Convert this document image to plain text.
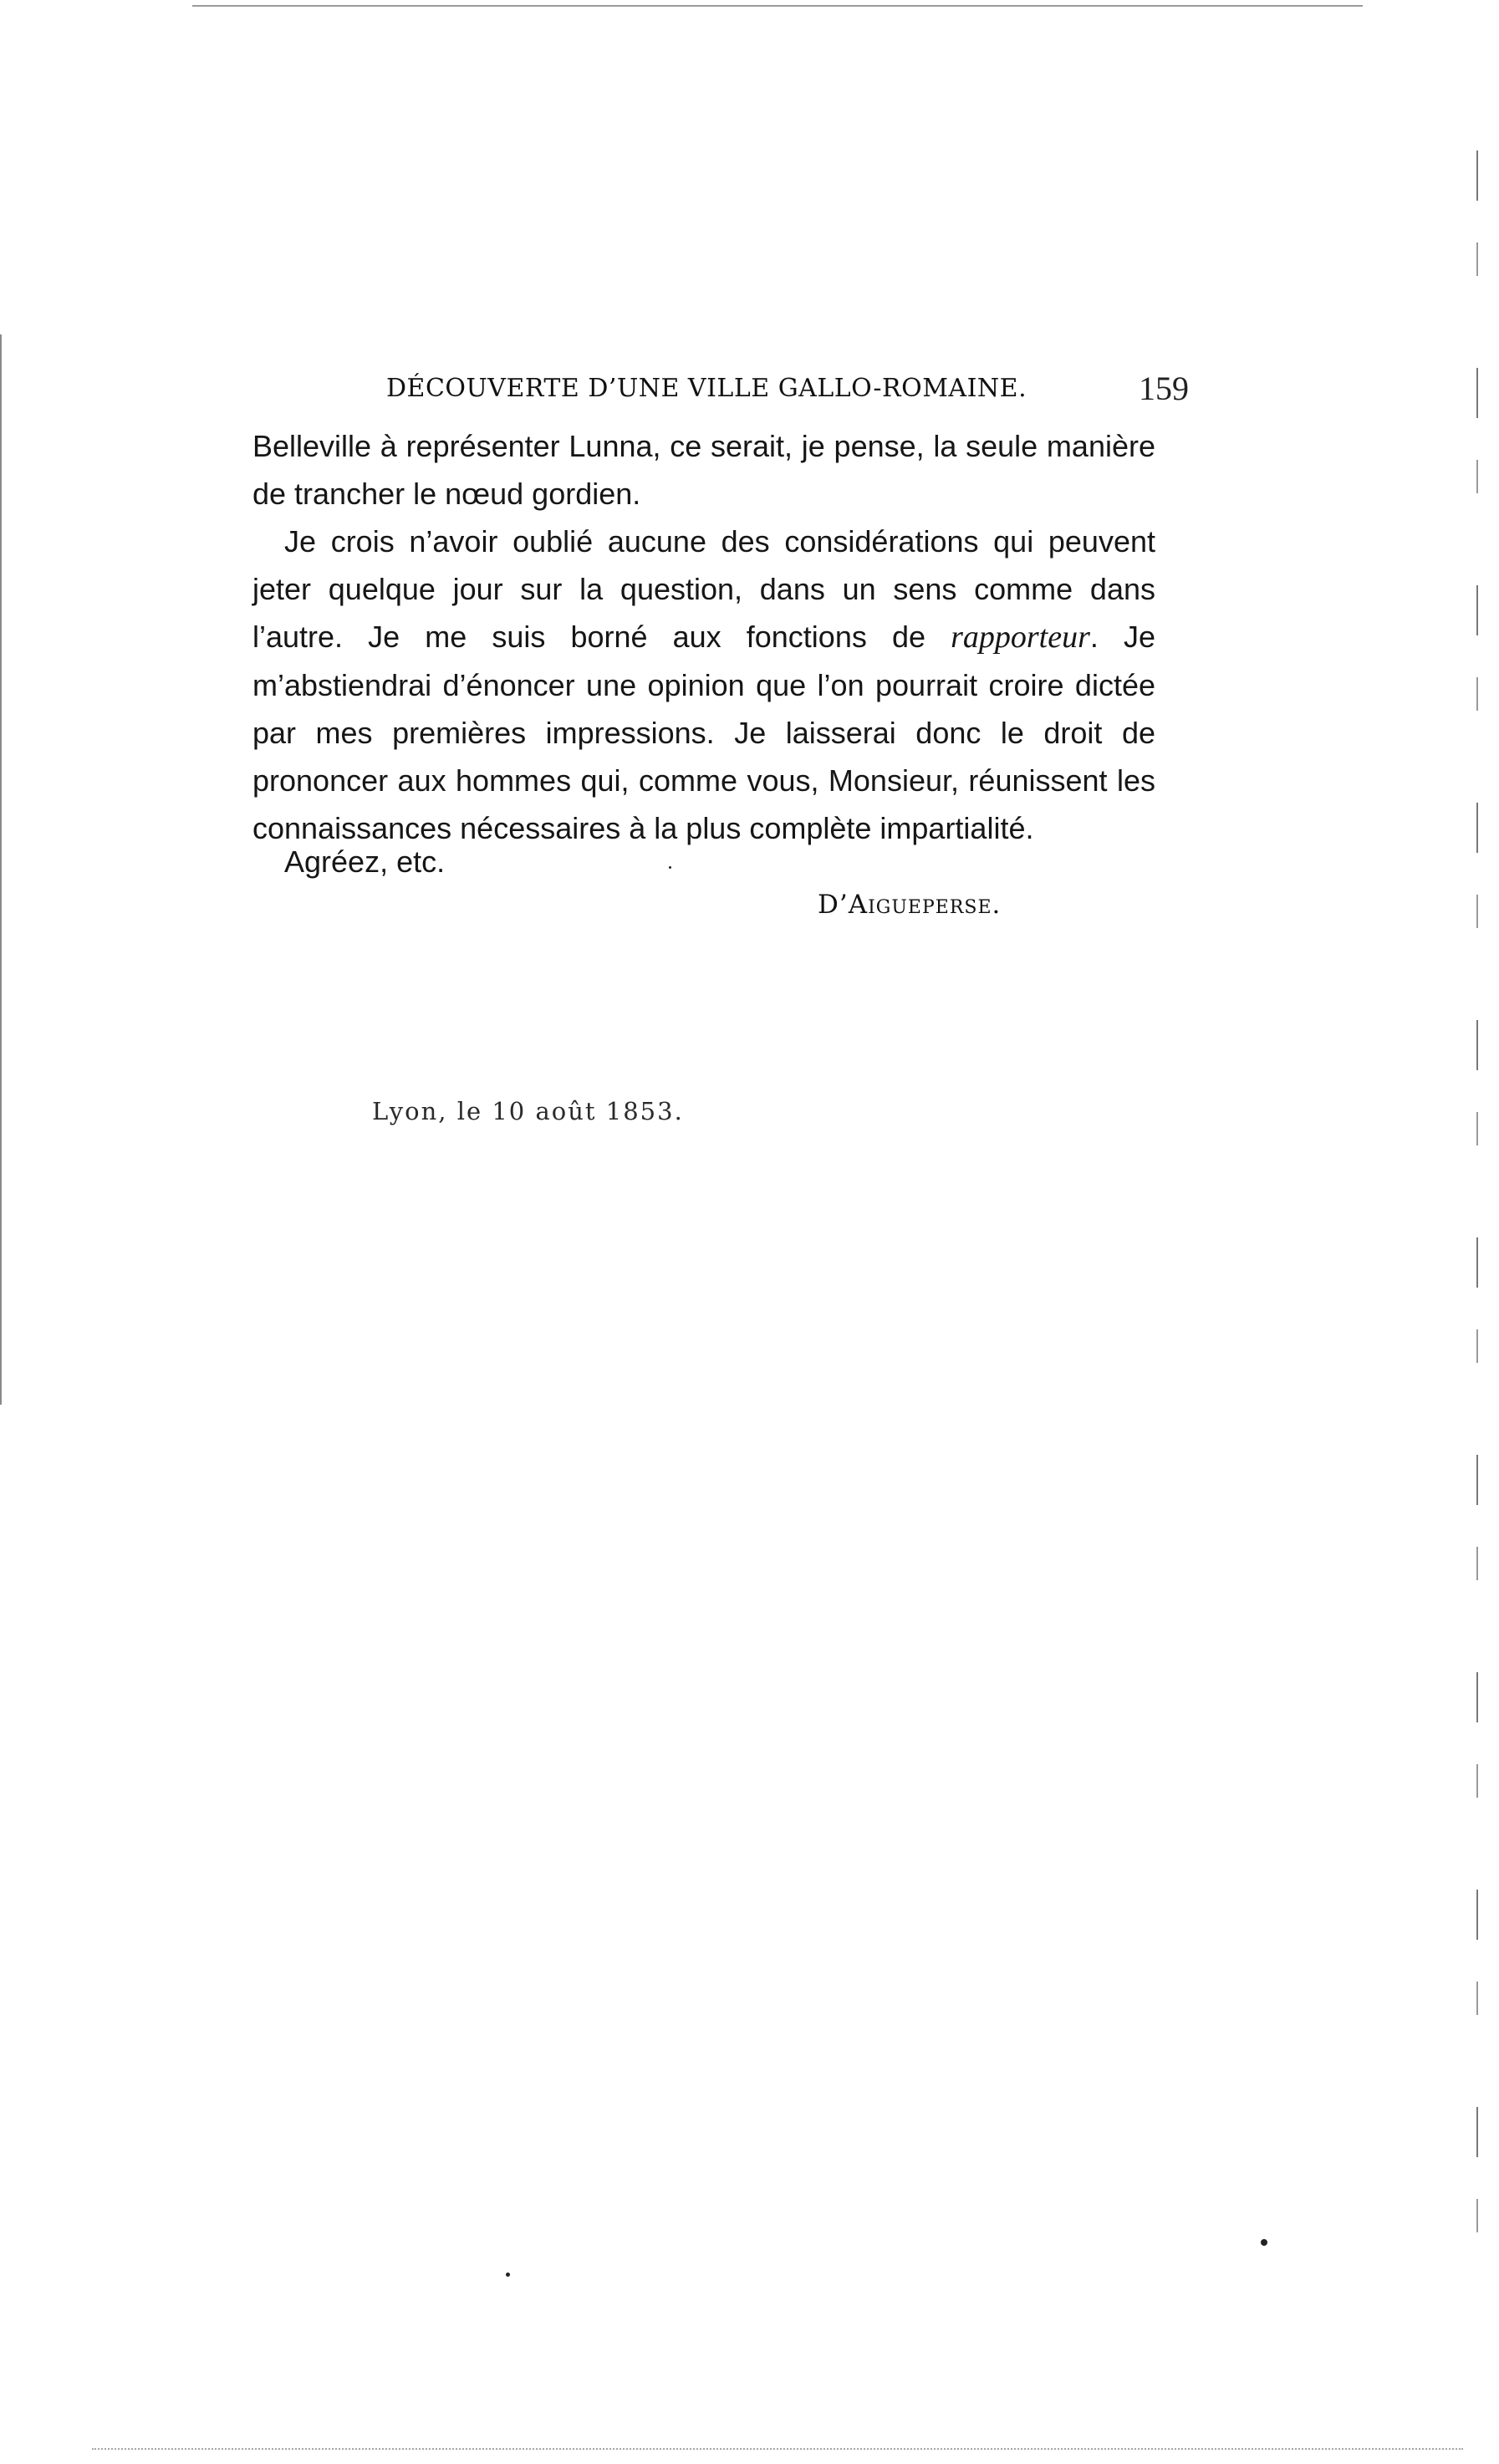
DÉCOUVERTE D’UNE VILLE GALLO-ROMAINE.	159

Belleville à représenter Lunna, ce serait, je pense, la seule manière de trancher le nœud gordien.

Je crois n’avoir oublié aucune des considérations qui peuvent jeter quelque jour sur la question, dans un sens comme dans l’autre. Je me suis borné aux fonctions de rapporteur. Je m’abstiendrai d’énoncer une opinion que l’on pourrait croire dictée par mes premières impressions. Je laisserai donc le droit de prononcer aux hommes qui, comme vous, Monsieur, réunissent les connaissances nécessaires à la plus complète impartialité.

Agréez, etc.
D’Aigueperse.
Lyon, le 10 août 1853.
